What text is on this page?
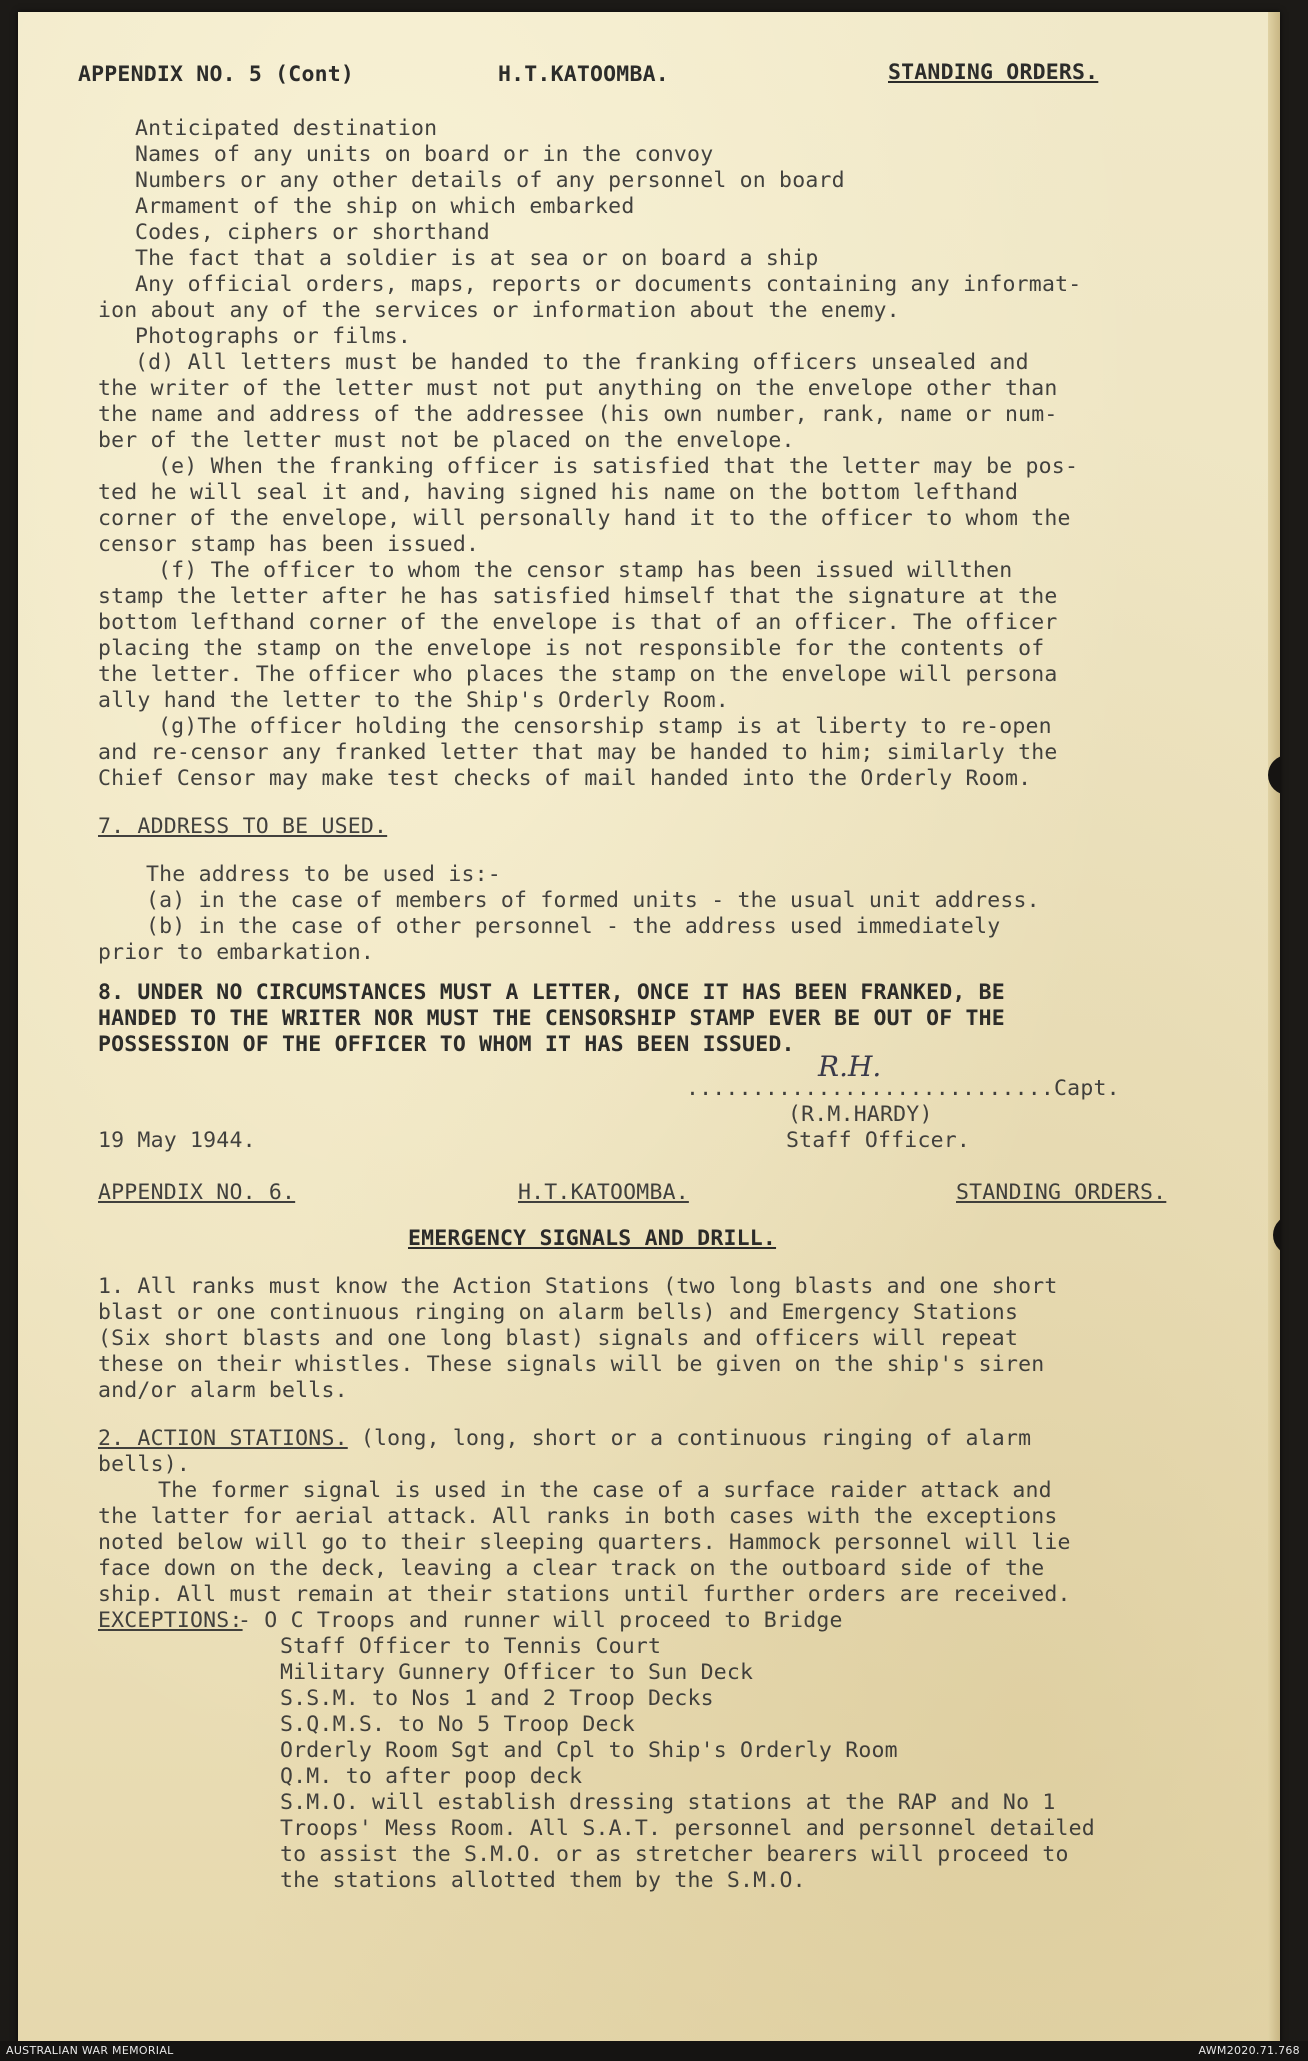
APPENDIX NO. 5 (Cont)	H.T.KATOOMBA.	STANDING ORDERS.
Anticipated destination
Names of any units on board or in the convoy
Numbers or any other details of any personnel on board
Armament of the ship on which embarked
Codes, ciphers or shorthand
The fact that a soldier is at sea or on board a ship
Any official orders, maps, reports or documents containing any informat-
ion about any of the services or information about the enemy.
Photographs or films.
(d) All letters must be handed to the franking officers unsealed and
the writer of the letter must not put anything on the envelope other than
the name and address of the addressee (his own number, rank, name or num-
ber of the letter must not be placed on the envelope.
(e) When the franking officer is satisfied that the letter may be pos-
ted he will seal it and, having signed his name on the bottom lefthand
corner of the envelope, will personally hand it to the officer to whom the
censor stamp has been issued.
(f) The officer to whom the censor stamp has been issued willthen
stamp the letter after he has satisfied himself that the signature at the
bottom lefthand corner of the envelope is that of an officer. The officer
placing the stamp on the envelope is not responsible for the contents of
the letter. The officer who places the stamp on the envelope will persona
ally hand the letter to the Ship's Orderly Room.
(g)The officer holding the censorship stamp is at liberty to re-open
and re-censor any franked letter that may be handed to him; similarly the
Chief Censor may make test checks of mail handed into the Orderly Room.
7. ADDRESS TO BE USED.
The address to be used is:-
(a) in the case of members of formed units - the usual unit address.
(b) in the case of other personnel - the address used immediately
prior to embarkation.
8. UNDER NO CIRCUMSTANCES MUST A LETTER, ONCE IT HAS BEEN FRANKED, BE
HANDED TO THE WRITER NOR MUST THE CENSORSHIP STAMP EVER BE OUT OF THE
POSSESSION OF THE OFFICER TO WHOM IT HAS BEEN ISSUED.
............................Capt.
R.H.
(R.M.HARDY)
Staff Officer.
19 May 1944.
APPENDIX NO. 6.	H.T.KATOOMBA.	STANDING ORDERS.
EMERGENCY SIGNALS AND DRILL.
1. All ranks must know the Action Stations (two long blasts and one short
blast or one continuous ringing on alarm bells) and Emergency Stations
(Six short blasts and one long blast) signals and officers will repeat
these on their whistles. These signals will be given on the ship's siren
and/or alarm bells.
2. ACTION STATIONS. (long, long, short or a continuous ringing of alarm
bells).
The former signal is used in the case of a surface raider attack and
the latter for aerial attack. All ranks in both cases with the exceptions
noted below will go to their sleeping quarters. Hammock personnel will lie
face down on the deck, leaving a clear track on the outboard side of the
ship. All must remain at their stations until further orders are received.
EXCEPTIONS:
- O C Troops and runner will proceed to Bridge
Staff Officer to Tennis Court
Military Gunnery Officer to Sun Deck
S.S.M. to Nos 1 and 2 Troop Decks
S.Q.M.S. to No 5 Troop Deck
Orderly Room Sgt and Cpl to Ship's Orderly Room
Q.M. to after poop deck
S.M.O. will establish dressing stations at the RAP and No 1
Troops' Mess Room. All S.A.T. personnel and personnel detailed
to assist the S.M.O. or as stretcher bearers will proceed to
the stations allotted them by the S.M.O.
AUSTRALIAN WAR MEMORIAL	AWM2020.71.768
